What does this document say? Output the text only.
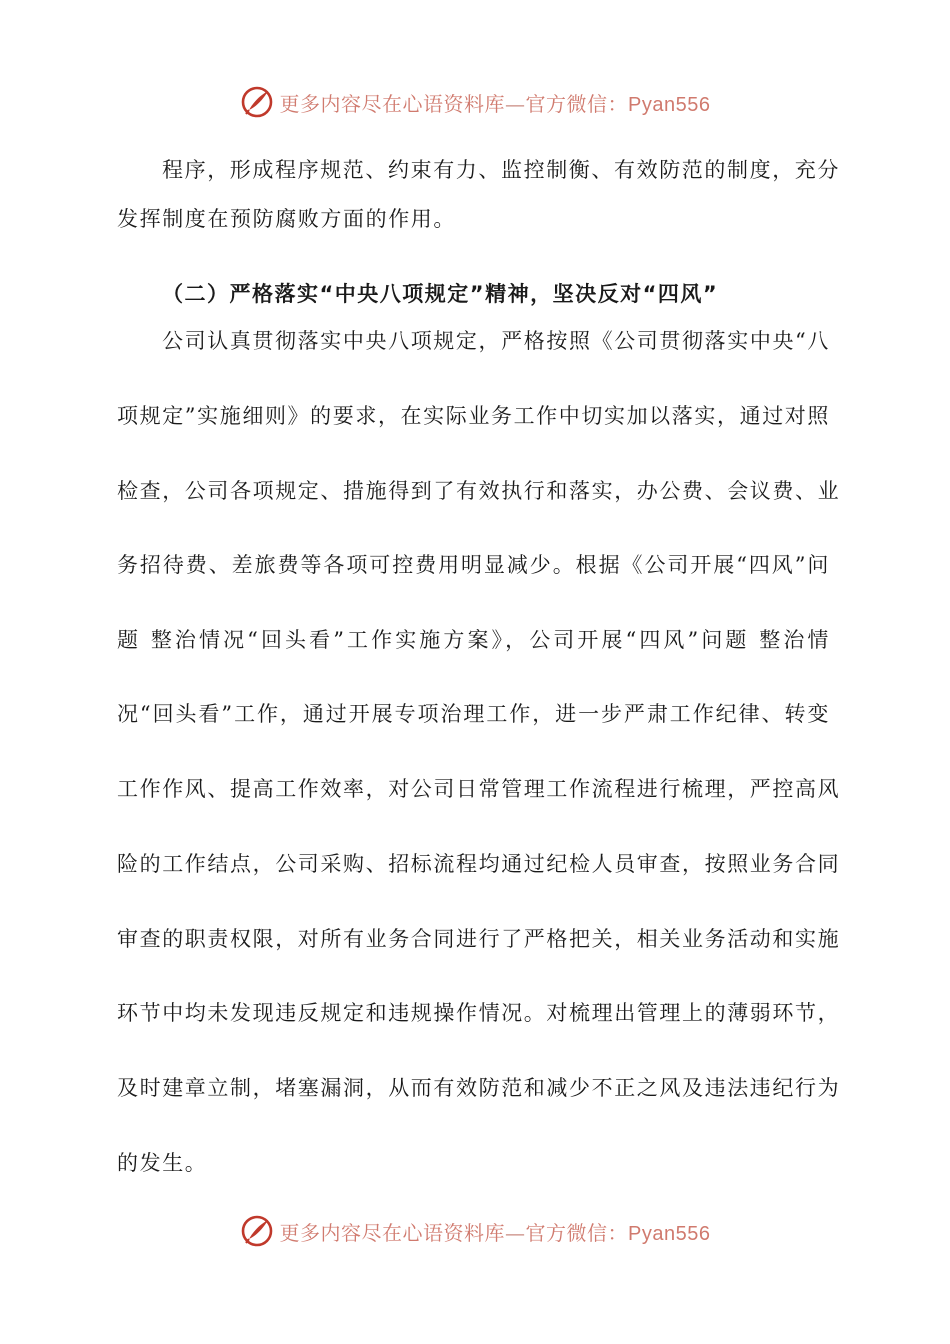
更多内容尽在心语资料库—官方微信：Pyan556
程序，形成程序规范、约束有力、监控制衡、有效防范的制度，充分
发挥制度在预防腐败方面的作用。
（二）严格落实“中央八项规定”精神，坚决反对“四风”
公司认真贯彻落实中央八项规定，严格按照《公司贯彻落实中央“八
项规定”实施细则》的要求，在实际业务工作中切实加以落实，通过对照
检查，公司各项规定、措施得到了有效执行和落实，办公费、会议费、业
务招待费、差旅费等各项可控费用明显减少。根据《公司开展“四风”问
题 整治情况“回头看”工作实施方案》，公司开展“四风”问题 整治情
况“回头看”工作，通过开展专项治理工作，进一步严肃工作纪律、转变
工作作风、提高工作效率，对公司日常管理工作流程进行梳理，严控高风
险的工作结点，公司采购、招标流程均通过纪检人员审查，按照业务合同
审查的职责权限，对所有业务合同进行了严格把关，相关业务活动和实施
环节中均未发现违反规定和违规操作情况。对梳理出管理上的薄弱环节，
及时建章立制，堵塞漏洞，从而有效防范和减少不正之风及违法违纪行为
的发生。
更多内容尽在心语资料库—官方微信：Pyan556
